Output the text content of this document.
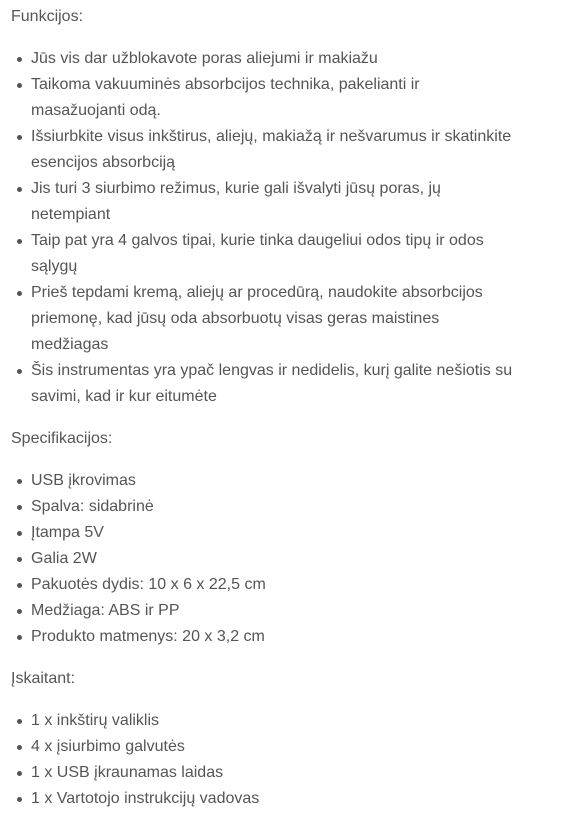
Funkcijos:

Jūs vis dar užblokavote poras aliejumi ir makiažu
Taikoma vakuuminės absorbcijos technika, pakelianti ir masažuojanti odą.
Išsiurbkite visus inkštirus, aliejų, makiažą ir nešvarumus ir skatinkite esencijos absorbciją
Jis turi 3 siurbimo režimus, kurie gali išvalyti jūsų poras, jų netempiant
Taip pat yra 4 galvos tipai, kurie tinka daugeliui odos tipų ir odos sąlygų
Prieš tepdami kremą, aliejų ar procedūrą, naudokite absorbcijos priemonę, kad jūsų oda absorbuotų visas geras maistines medžiagas
Šis instrumentas yra ypač lengvas ir nedidelis, kurį galite nešiotis su savimi, kad ir kur eitumėte

Specifikacijos:

USB įkrovimas
Spalva: sidabrinė
Įtampa 5V
Galia 2W
Pakuotės dydis: 10 x 6 x 22,5 cm
Medžiaga: ABS ir PP
Produkto matmenys: 20 x 3,2 cm

Įskaitant:

1 x inkštirų valiklis
4 x įsiurbimo galvutės
1 x USB įkraunamas laidas
1 x Vartotojo instrukcijų vadovas
